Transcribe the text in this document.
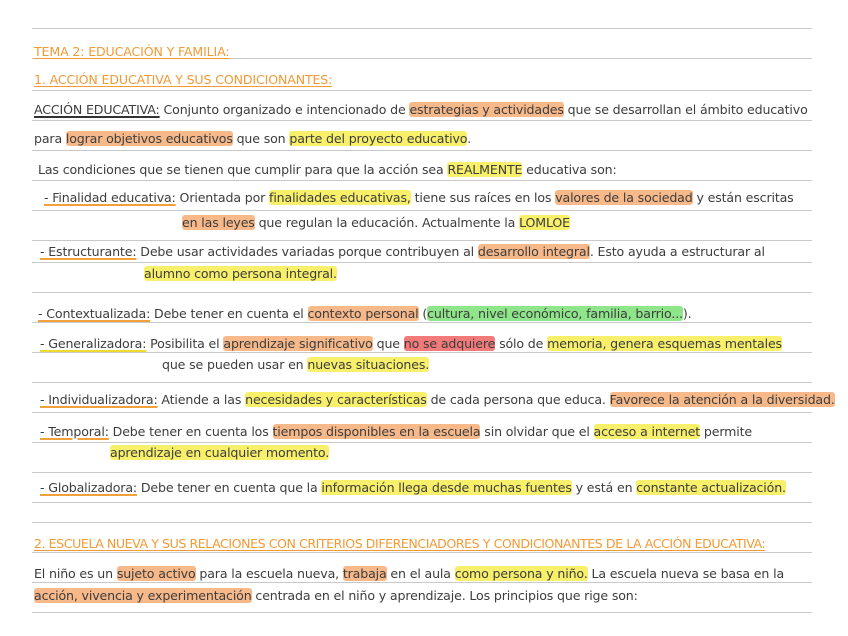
TEMA 2: EDUCACIÓN Y FAMILIA:
1. ACCIÓN EDUCATIVA Y SUS CONDICIONANTES:
ACCIÓN EDUCATIVA: Conjunto organizado e intencionado de estrategias y actividades que se desarrollan el ámbito educativo
para lograr objetivos educativos que son parte del proyecto educativo.
Las condiciones que se tienen que cumplir para que la acción sea REALMENTE educativa son:
- Finalidad educativa: Orientada por finalidades educativas, tiene sus raíces en los valores de la sociedad y están escritas
en las leyes que regulan la educación. Actualmente la LOMLOE
- Estructurante: Debe usar actividades variadas porque contribuyen al desarrollo integral. Esto ayuda a estructurar al
alumno como persona integral.
- Contextualizada: Debe tener en cuenta el contexto personal (cultura, nivel económico, familia, barrio...).
- Generalizadora: Posibilita el aprendizaje significativo que no se adquiere sólo de memoria, genera esquemas mentales
que se pueden usar en nuevas situaciones.
- Individualizadora: Atiende a las necesidades y características de cada persona que educa. Favorece la atención a la diversidad.
- Temporal: Debe tener en cuenta los tiempos disponibles en la escuela sin olvidar que el acceso a internet permite
aprendizaje en cualquier momento.
- Globalizadora: Debe tener en cuenta que la información llega desde muchas fuentes y está en constante actualización.
2. ESCUELA NUEVA Y SUS RELACIONES CON CRITERIOS DIFERENCIADORES Y CONDICIONANTES DE LA ACCIÓN EDUCATIVA:
El niño es un sujeto activo para la escuela nueva, trabaja en el aula como persona y niño. La escuela nueva se basa en la
acción, vivencia y experimentación centrada en el niño y aprendizaje. Los principios que rige son:
